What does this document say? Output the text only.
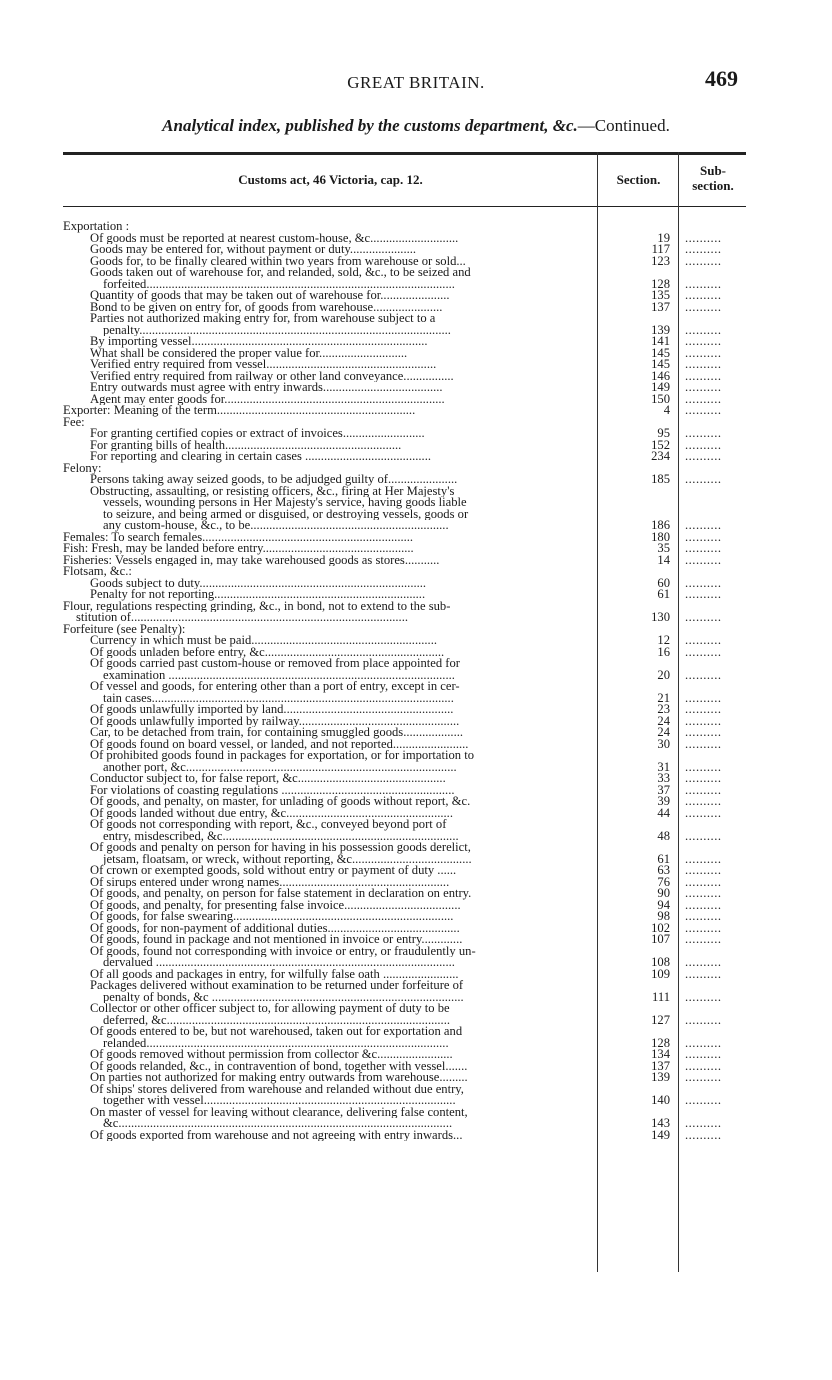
GREAT BRITAIN.	469
Analytical index, published by the customs department, &c.—Continued.
Customs act, 46 Victoria, cap. 12.	Section.
Sub-
section.
Exportation :
Of goods must be reported at nearest custom-house, &c............................	19 ..........
Goods may be entered for, without payment or duty.....................	117 ..........
Goods for, to be finally cleared within two years from warehouse or sold...	123 ..........
Goods taken out of warehouse for, and relanded, sold, &c., to be seized and
forfeited..................................................................................................	128 ..........
Quantity of goods that may be taken out of warehouse for......................	135 ..........
Bond to be given on entry for, of goods from warehouse......................	137 ..........
Parties not authorized making entry for, from warehouse subject to a
penalty...................................................................................................	139 ..........
By importing vessel...........................................................................	141 ..........
What shall be considered the proper value for............................	145 ..........
Verified entry required from vessel......................................................	145 ..........
Verified entry required from railway or other land conveyance................	146 ..........
Entry outwards must agree with entry inwards......................................	149 ..........
Agent may enter goods for......................................................................	150 ..........
Exporter: Meaning of the term...............................................................	4 ..........
Fee:
For granting certified copies or extract of invoices..........................	95 ..........
For granting bills of health........................................................	152 ..........
For reporting and clearing in certain cases ........................................	234 ..........
Felony:
Persons taking away seized goods, to be adjudged guilty of......................	185 ..........
Obstructing, assaulting, or resisting officers, &c., firing at Her Majesty's
vessels, wounding persons in Her Majesty's service, having goods liable
to seizure, and being armed or disguised, or destroying vessels, goods or
any custom-house, &c., to be...............................................................	186 ..........
Females: To search females...................................................................	180 ..........
Fish: Fresh, may be landed before entry................................................	35 ..........
Fisheries: Vessels engaged in, may take warehoused goods as stores...........	14 ..........
Flotsam, &c.:
Goods subject to duty........................................................................	60 ..........
Penalty for not reporting...................................................................	61 ..........
Flour, regulations respecting grinding, &c., in bond, not to extend to the sub-
stitution of........................................................................................	130 ..........
Forfeiture (see Penalty):
Currency in which must be paid...........................................................	12 ..........
Of goods unladen before entry, &c.........................................................	16 ..........
Of goods carried past custom-house or removed from place appointed for
examination ...........................................................................................	20 ..........
Of vessel and goods, for entering other than a port of entry, except in cer-
tain cases................................................................................................	21 ..........
Of goods unlawfully imported by land......................................................	23 ..........
Of goods unlawfully imported by railway...................................................	24 ..........
Car, to be detached from train, for containing smuggled goods...................	24 ..........
Of goods found on board vessel, or landed, and not reported........................	30 ..........
Of prohibited goods found in packages for exportation, or for importation to
another port, &c......................................................................................	31 ..........
Conductor subject to, for false report, &c...............................................	33 ..........
For violations of coasting regulations .......................................................	37 ..........
Of goods, and penalty, on master, for unlading of goods without report, &c.	39 ..........
Of goods landed without due entry, &c.....................................................	44 ..........
Of goods not corresponding with report, &c., conveyed beyond port of
entry, misdescribed, &c...........................................................................	48 ..........
Of goods and penalty on person for having in his possession goods derelict,
jetsam, floatsam, or wreck, without reporting, &c......................................	61 ..........
Of crown or exempted goods, sold without entry or payment of duty ......	63 ..........
Of sirups entered under wrong names......................................................	76 ..........
Of goods, and penalty, on person for false statement in declaration on entry.	90 ..........
Of goods, and penalty, for presenting false invoice.....................................	94 ..........
Of goods, for false swearing......................................................................	98 ..........
Of goods, for non-payment of additional duties..........................................	102 ..........
Of goods, found in package and not mentioned in invoice or entry.............	107 ..........
Of goods, found not corresponding with invoice or entry, or fraudulently un-
dervalued ...............................................................................................	108 ..........
Of all goods and packages in entry, for wilfully false oath ........................	109 ..........
Packages delivered without examination to be returned under forfeiture of
penalty of bonds, &c ................................................................................	111 ..........
Collector or other officer subject to, for allowing payment of duty to be
deferred, &c..........................................................................................	127 ..........
Of goods entered to be, but not warehoused, taken out for exportation and
relanded................................................................................................	128 ..........
Of goods removed without permission from collector &c........................	134 ..........
Of goods relanded, &c., in contravention of bond, together with vessel.......	137 ..........
On parties not authorized for making entry outwards from warehouse.........	139 ..........
Of ships' stores delivered from warehouse and relanded without due entry,
together with vessel................................................................................	140 ..........
On master of vessel for leaving without clearance, delivering false content,
&c..........................................................................................................	143 ..........
Of goods exported from warehouse and not agreeing with entry inwards...	149 ..........
